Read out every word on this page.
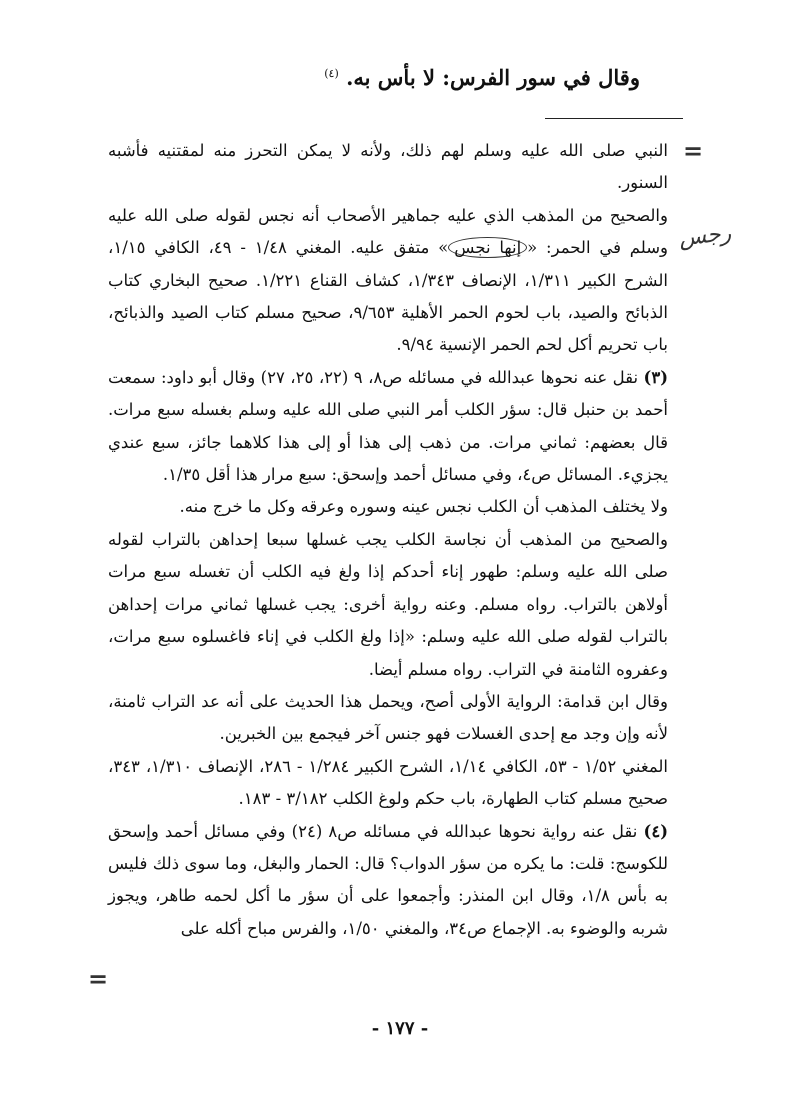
وقال في سور الفرس: لا بأس به. $^{(٤)}$
=
رجس

النبي صلى الله عليه وسلم لهم ذلك، ولأنه لا يمكن التحرز منه لمقتنيه فأشبه السنور.

والصحيح من المذهب الذي عليه جماهير الأصحاب أنه نجس لقوله صلى الله عليه وسلم في الحمر: «إنها نجس» متفق عليه. المغني ١/٤٨ - ٤٩، الكافي ١/١٥، الشرح الكبير ١/٣١١، الإنصاف ١/٣٤٣، كشاف القناع ١/٢٢١. صحيح البخاري كتاب الذبائح والصيد، باب لحوم الحمر الأهلية ٩/٦٥٣، صحيح مسلم كتاب الصيد والذبائح، باب تحريم أكل لحم الحمر الإنسية ٩/٩٤.

(٣) نقل عنه نحوها عبدالله في مسائله ص٨، ٩ (٢٢، ٢٥، ٢٧) وقال أبو داود: سمعت أحمد بن حنبل قال: سؤر الكلب أمر النبي صلى الله عليه وسلم بغسله سبع مرات. قال بعضهم: ثماني مرات. من ذهب إلى هذا أو إلى هذا كلاهما جائز، سبع عندي يجزيء. المسائل ص٤، وفي مسائل أحمد وإسحق: سبع مرار هذا أقل ١/٣٥.

ولا يختلف المذهب أن الكلب نجس عينه وسوره وعرقه وكل ما خرج منه.

والصحيح من المذهب أن نجاسة الكلب يجب غسلها سبعا إحداهن بالتراب لقوله صلى الله عليه وسلم: طهور إناء أحدكم إذا ولغ فيه الكلب أن تغسله سبع مرات أولاهن بالتراب. رواه مسلم. وعنه رواية أخرى: يجب غسلها ثماني مرات إحداهن بالتراب لقوله صلى الله عليه وسلم: «إذا ولغ الكلب في إناء فاغسلوه سبع مرات، وعفروه الثامنة في التراب. رواه مسلم أيضا.

وقال ابن قدامة: الرواية الأولى أصح، ويحمل هذا الحديث على أنه عد التراب ثامنة، لأنه وإن وجد مع إحدى الغسلات فهو جنس آخر فيجمع بين الخبرين.

المغني ١/٥٢ - ٥٣، الكافي ١/١٤، الشرح الكبير ١/٢٨٤ - ٢٨٦، الإنصاف ١/٣١٠، ٣٤٣، صحيح مسلم كتاب الطهارة، باب حكم ولوغ الكلب ٣/١٨٢ - ١٨٣.

(٤) نقل عنه رواية نحوها عبدالله في مسائله ص٨ (٢٤) وفي مسائل أحمد وإسحق للكوسج: قلت: ما يكره من سؤر الدواب؟ قال: الحمار والبغل، وما سوى ذلك فليس به بأس ١/٨، وقال ابن المنذر: وأجمعوا على أن سؤر ما أكل لحمه طاهر، ويجوز شربه والوضوء به. الإجماع ص٣٤، والمغني ١/٥٠، والفرس مباح أكله على

=
- ١٧٧ -
